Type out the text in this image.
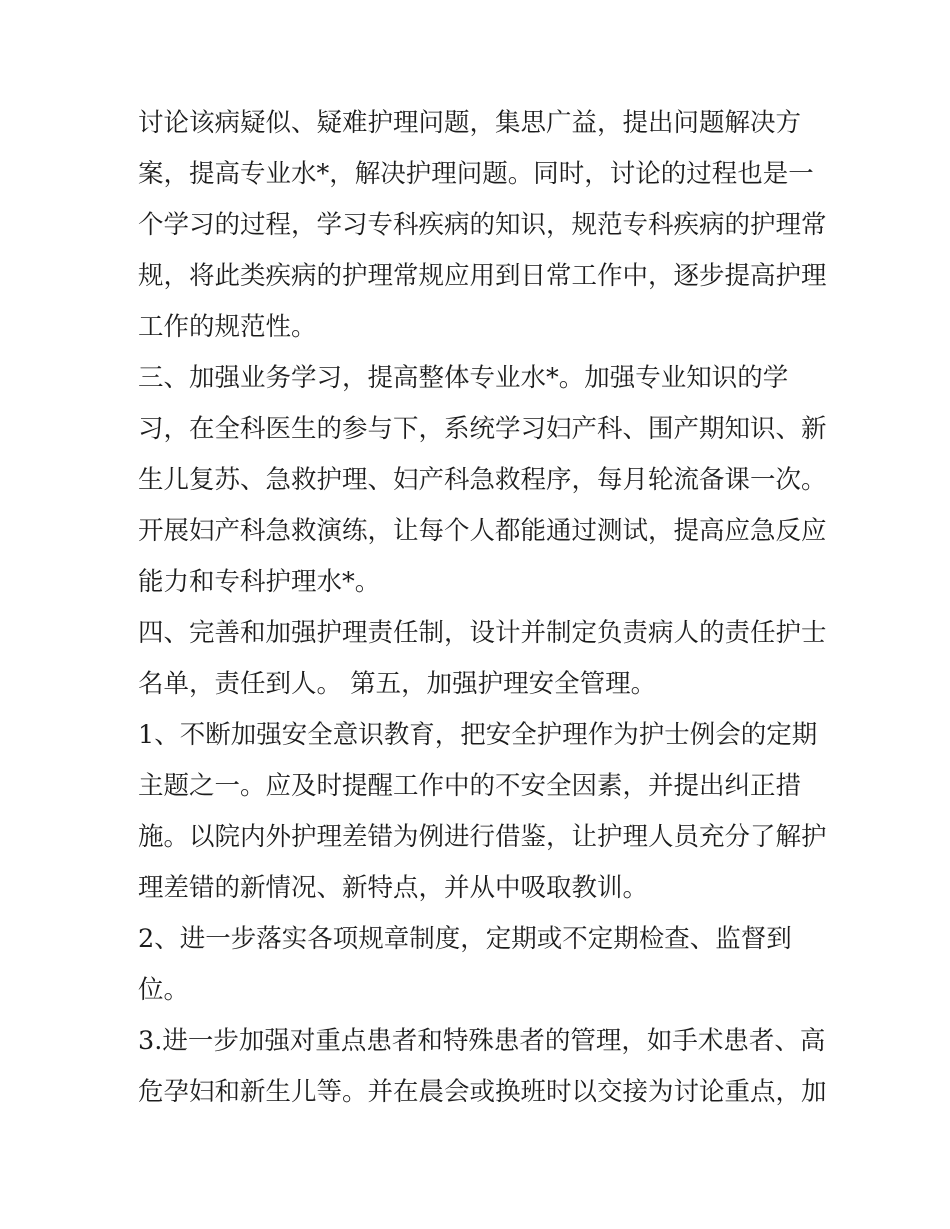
讨论该病疑似、疑难护理问题，集思广益，提出问题解决方
案，提高专业水*，解决护理问题。同时，讨论的过程也是一
个学习的过程，学习专科疾病的知识，规范专科疾病的护理常
规，将此类疾病的护理常规应用到日常工作中，逐步提高护理
工作的规范性。
三、加强业务学习，提高整体专业水*。加强专业知识的学
习，在全科医生的参与下，系统学习妇产科、围产期知识、新
生儿复苏、急救护理、妇产科急救程序，每月轮流备课一次。
开展妇产科急救演练，让每个人都能通过测试，提高应急反应
能力和专科护理水*。
四、完善和加强护理责任制，设计并制定负责病人的责任护士
名单，责任到人。 第五，加强护理安全管理。
1、不断加强安全意识教育，把安全护理作为护士例会的定期
主题之一。应及时提醒工作中的不安全因素，并提出纠正措
施。以院内外护理差错为例进行借鉴，让护理人员充分了解护
理差错的新情况、新特点，并从中吸取教训。
2、进一步落实各项规章制度，定期或不定期检查、监督到
位。
3.进一步加强对重点患者和特殊患者的管理，如手术患者、高
危孕妇和新生儿等。并在晨会或换班时以交接为讨论重点，加
